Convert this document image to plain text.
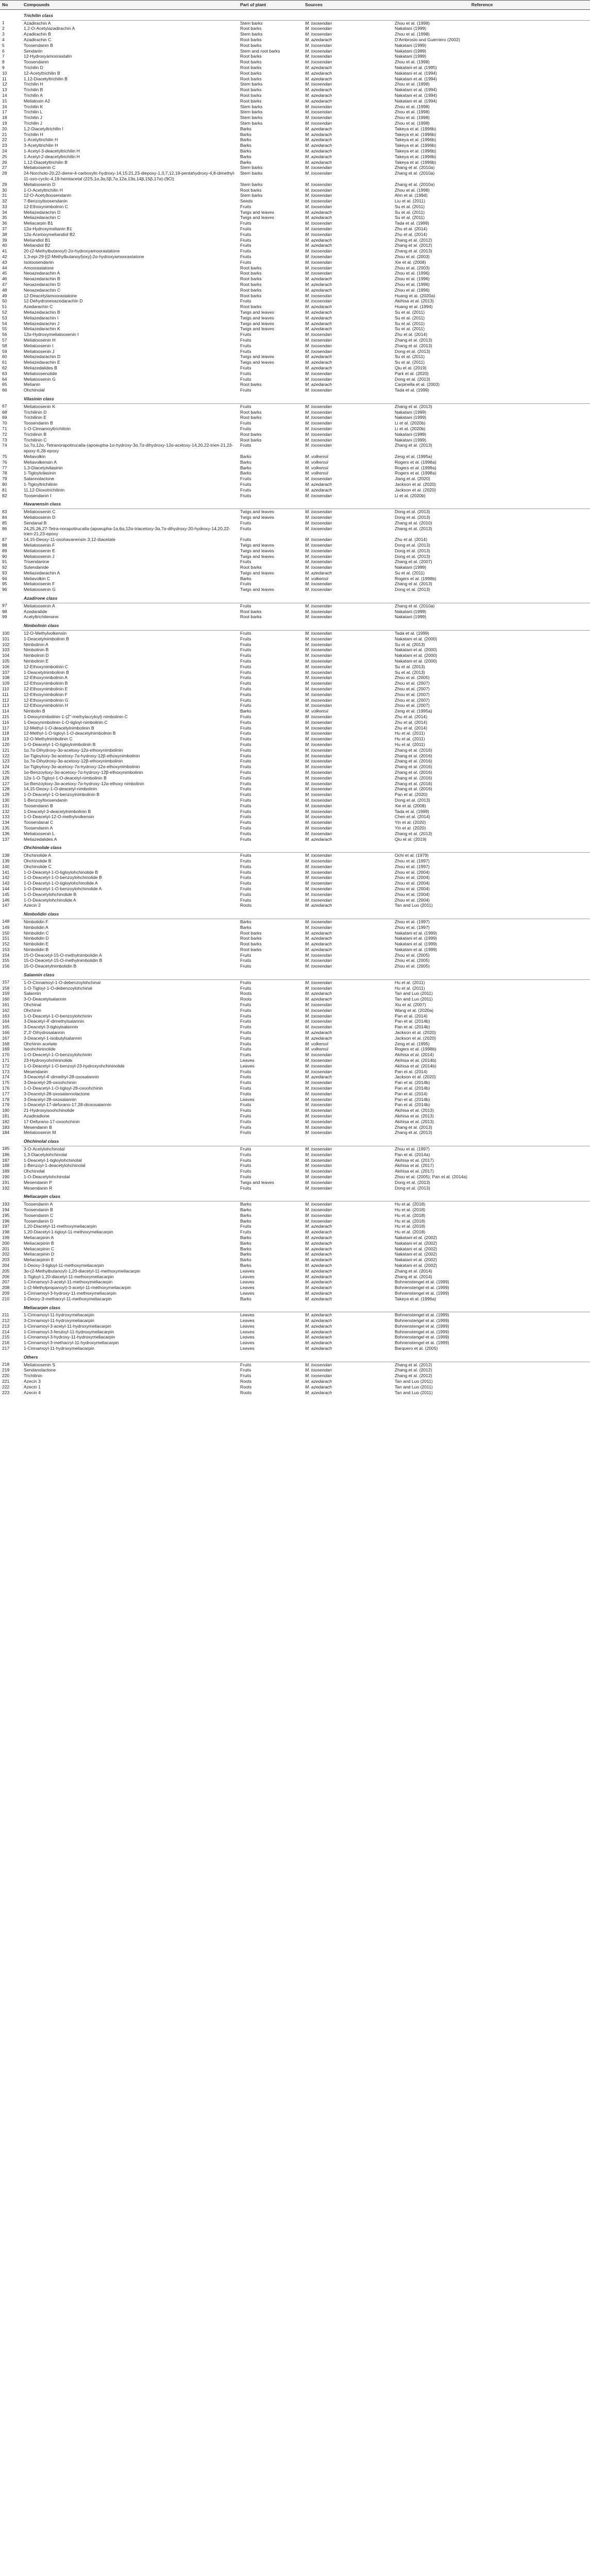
No	Compounds	Part of plant	Sources	Reference
	Trichilin class			
1	Azadirachin A	Stem barks	M. toosendan	Zhou et al. (1998)
2	1,2-O-Acetylazadirachin A	Root barks	M. toosendan	Nakatani (1999)
3	Azadirachin B	Stem barks	M. toosendan	Zhou et al. (1998)
4	Azadirachin C	Root barks	M. azedarach	D'Ambrosio and Guerriero (2002)
5	Toosendanin B	Root barks	M. toosendan	Nakatani (1999)
6	Sendanin	Stem and root barks	M. toosendan	Nakatani (1999)
7	12-Hydroxyamoorastatin	Root barks	M. toosendan	Nakatani (1999)
8	Toosendanin	Root barks	M. toosendan	Zhou et al. (1998)
9	Trichilin D	Root barks	M. azedarach	Nakatani et al. (1995)
10	12-Acetyltrichilin B	Root barks	M. azedarach	Nakatani et al. (1994)
11	1,12-Diacetyltrichilin B	Root barks	M. azedarach	Nakatani et al. (1994)
12	Trichilin H	Stem barks	M. toosendan	Zhou et al. (1998)
13	Trichilin B	Root barks	M. azedarach	Nakatani et al. (1994)
14	Trichilin A	Root barks	M. azedarach	Nakatani et al. (1994)
15	Meliatoxin A2	Root barks	M. azedarach	Nakatani et al. (1994)
16	Trichilin K	Stem barks	M. toosendan	Zhou et al. (1998)
17	Trichilin L	Stem barks	M. toosendan	Zhou et al. (1998)
18	Trichilin J	Stem barks	M. toosendan	Zhou et al. (1998)
19	Trichilin J	Stem barks	M. toosendan	Zhou et al. (1998)
20	1,2-Diacetyltrichilin I	Barks	M. azedarach	Takeya et al. (1996b)
21	Trichilin H	Barks	M. azedarach	Takeya et al. (1996b)
22	1-Acetyltrichilin H	Barks	M. azedarach	Takeya et al. (1996b)
23	3-Acetyltrichilin H	Barks	M. azedarach	Takeya et al. (1996b)
24	1-Acetyl-3-deacetyltrichilin H	Barks	M. azedarach	Takeya et al. (1996b)
25	1-Acetyl-2-deacetyltrichilin H	Barks	M. azedarach	Takeya et al. (1996b)
26	1,12-Diacetyltrichilin B	Barks	M. azedarach	Takeya et al. (1996b)
27	Meliatoosenin C	Stem barks	M. toosendan	Zhang et al. (2010a)
28	24-Norcholo-20,22-diene-4-carboxylic-hydroxy-14,15:21,23-diepoxy-1,3,7,12,19-pentahydroxy-4,8-dimethyl-11-oxo-cyclic-4,19-hemiacetal (22S,1α,3α,5β,7α,12α,13α,14β,15β,17α)-(9CI)	Stem barks	M. toosendan	Zhang et al. (2010a)
29	Meliatoosenin D	Stem barks	M. toosendan	Zhang et al. (2010a)
30	1-O-Acetyltrichilin H	Root barks	M. toosendan	Zhou et al. (1998)
31	12-O-Acetyltoosendanin	Stem barks	M. toosendan	Ahn et al. (1994)
32	7-Benzoyltoosendanin	Seeds	M. toosendan	Liu et al. (2011)
33	12-Ethoxynimbolinin C	Fruits	M. toosendan	Su et al. (2011)
34	Meliazedarachin D	Twigs and leaves	M. azedarach	Su et al. (2011)
35	Meliazedarachin C	Twigs and leaves	M. azedarach	Su et al. (2011)
36	Meliacarpin B1	Fruits	M. toosendan	Tada et al. (1999)
37	12α-Hydroxymelianin B1	Fruits	M. toosendan	Zhu et al. (2014)
38	12α-Acetoxymeliandiol B2	Fruits	M. toosendan	Zhu et al. (2014)
39	Meliandiol B1	Fruits	M. azedarach	Zhang et al. (2012)
40	Meliandiol B2	Fruits	M. azedarach	Zhang et al. (2012)
41	20-(2-Methylbutanoyl)-2α-hydroxyamoorastatone	Fruits	M. toosendan	Zhang et al. (2013)
42	1,3-epi-29-[(2-Methylbutanoyl)oxy]-2α-hydroxyamoorastatone	Fruits	M. toosendan	Zhou et al. (2003)
43	Isotoosendanin	Fruits	M. toosendan	Xie et al. (2008)
44	Amoorastatone	Root barks	M. toosendan	Zhou et al. (2003)
45	Neoazedarachin A	Root barks	M. toosendan	Zhou et al. (1996)
46	Neoazedarachin B	Root barks	M. azedarach	Zhou et al. (1996)
47	Neoazedarachin D	Root barks	M. azedarach	Zhou et al. (1996)
48	Neoazedarachin C	Root barks	M. azedarach	Zhou et al. (1996)
49	12-Deacetylamoorastatone	Root barks	M. toosendan	Huang et al. (2020a)
50	12-Dehydroneoazedarachin D	Fruits	M. toosendan	Akihisa et al. (2013)
51	Azedarachin C	Root barks	M. azedarach	Huang et al. (1994)
52	Meliazedarachin B	Twigs and leaves	M. azedarach	Su et al. (2011)
53	Meliazedarachin I	Twigs and leaves	M. azedarach	Su et al. (2011)
54	Meliazedarachin J	Twigs and leaves	M. azedarach	Su et al. (2011)
55	Meliazedarachin K	Twigs and leaves	M. azedarach	Su et al. (2011)
56	12α-Hydroxymeliatoosenin I	Fruits	M. toosendan	Zhu et al. (2014)
57	Meliatoosenin H	Fruits	M. toosendan	Zhang et al. (2013)
58	Meliatoosenin I	Fruits	M. toosendan	Zhang et al. (2013)
59	Meliatoosenin J	Fruits	M. toosendan	Dong et al. (2013)
60	Meliazedarachin D	Twigs and leaves	M. azedarach	Su et al. (2011)
61	Meliazedarachin E	Twigs and leaves	M. azedarach	Su et al. (2011)
62	Meliazedalides B	Fruits	M. azedarach	Qiu et al. (2019)
63	Meliatoosenolide	Fruits	M. toosendan	Park et al. (2020)
64	Meliatoosenin G	Fruits	M. toosendan	Dong et al. (2013)
65	Melianin	Root barks	M. azedarach	Carpinella et al. (2003)
66	Ohchinolal	Fruits	M. toosendan	Tada et al. (1999)
	Vilasinin class			
67	Meliatoosenin K	Fruits	M. toosendan	Zhang et al. (2013)
68	Trichilinin D	Root barks	M. toosendan	Nakatani (1999)
69	Trichilinin E	Root barks	M. toosendan	Nakatani (1999)
70	Toosendanin B	Fruits	M. toosendan	Li et al. (2020b)
71	1-O-Cinnamoyltrichilinin	Fruits	M. toosendan	Li et al. (2020b)
72	Trichilinin B	Root barks	M. toosendan	Nakatani (1999)
73	Trichilinin C	Root barks	M. toosendan	Nakatani (1999)
74	1α,7α,12α,-Tetranorapotirucalla-(apoeupha-1α-hydroxy-3α,7α-dihydroxy-12α-acetoxy-14,20,22-trien-21,23-epoxy-6,28-epoxy	Fruits	M. toosendan	Zhang et al. (2013)
75	Meliavolkin	Barks	M. volkensii	Zeng et al. (1995a)
76	Meliavolkensin A	Barks	M. volkensii	Rogers et al. (1998a)
77	1,3-Diacetylvilasinin	Barks	M. volkensii	Rogers et al. (1998a)
78	1-Tigloylvilasinin	Barks	M. volkensii	Rogers et al. (1998a)
79	Salannolactone	Fruits	M. toosendan	Jiang et al. (2020)
80	1-Tigloyltrichilinin	Fruits	M. azedarach	Jackson et al. (2020)
81	11,12-Dioxotrichilinin	Fruits	M. azedarach	Jackson et al. (2020)
82	Toosendanin I	Fruits	M. toosendan	Li et al. (2020b)
	Havanensin class			
83	Meliatoosenin C	Twigs and leaves	M. toosendan	Dong et al. (2013)
84	Meliatoosenin D	Twigs and leaves	M. toosendan	Dong et al. (2013)
85	Sendanal B	Fruits	M. toosendan	Zhang et al. (2010)
86	24,25,26,27-Tetra-norapotirucalla-(apoeupha-1α,6α,12α-triacetoxy-3α,7α-dihydroxy-20-hydroxy-14,20,22-trien-21,23-epoxy	Fruits	M. toosendan	Zhang et al. (2013)
87	14,15-Deoxy-11-oxohavanensin 3,12-diacetate	Fruits	M. toosendan	Zhu et al. (2014)
88	Meliatoosenin F	Twigs and leaves	M. toosendan	Dong et al. (2013)
89	Meliatoosenin E	Twigs and leaves	M. toosendan	Dong et al. (2013)
90	Meliatoosenin J	Twigs and leaves	M. toosendan	Dong et al. (2013)
91	Trisendanine	Fruits	M. toosendan	Zhang et al. (2007)
92	Sutendanide	Root barks	M. toosendan	Nakatani (1999)
93	Meliazedarachin A	Twigs and leaves	M. azedarach	Su et al. (2011)
94	Meliavolkin C	Barks	M. volkensii	Rogers et al. (1998b)
95	Meliatoosenin F	Fruits	M. toosendan	Zhang et al. (2013)
96	Meliatoosenin G	Twigs and leaves	M. toosendan	Dong et al. (2013)
	Azadirone class			
97	Meliatoosenin A	Fruits	M. toosendan	Zhang et al. (2010a)
98	Azedaralide	Root barks	M. toosendan	Nakatani (1999)
99	Acetyltrichilenone	Root barks	M. toosendan	Nakatani (1999)
	Nimbolinin class			
100	12-O-Methylvolkensin	Fruits	M. toosendan	Tada et al. (1999)
101	1-Deacetylnimbolinin B	Fruits	M. toosendan	Nakatani et al. (2000)
102	Nimbolinin A	Fruits	M. toosendan	Su et al. (2013)
103	Nimbolinin B	Fruits	M. toosendan	Nakatani et al. (2000)
104	Nimbolinin D	Fruits	M. toosendan	Nakatani et al. (2000)
105	Nimbolinin E	Fruits	M. toosendan	Nakatani et al. (2000)
106	12-Ethoxynimbolinin C	Fruits	M. toosendan	Su et al. (2013)
107	1-Deacetylnimbolinin B	Fruits	M. toosendan	Su et al. (2013)
108	12-Ethoxynimbolinin A	Fruits	M. toosendan	Zhou et al. (2005)
109	12-Ethoxynimbolinin B	Fruits	M. toosendan	Zhou et al. (2007)
110	12-Ethoxynimbolinin E	Fruits	M. toosendan	Zhou et al. (2007)
111	12-Ethoxynimbolinin F	Fruits	M. toosendan	Zhou et al. (2007)
112	12-Ethoxynimbolinin G	Fruits	M. toosendan	Zhou et al. (2007)
113	12-Ethoxynimbolinin H	Fruits	M. toosendan	Zhou et al. (2007)
114	Nimbolin B	Barks	M. volkensii	Zeng et al. (1995a)
115	1-Deoxynimbolinin-1-(2''-methylacryloyl) nimbolinin C	Fruits	M. toosendan	Zhu et al. (2014)
116	1-Deoxynimbolinin-1-O-tigloyl-nimbolinin C	Fruits	M. toosendan	Zhu et al. (2014)
117	12-Methyl-1-O-deacetylnimbolinin B	Fruits	M. toosendan	Zhu et al. (2014)
118	12-Methyl-1-O-tigloyl-1-O-deacetylnimbolinin B	Fruits	M. toosendan	Hu et al. (2011)
119	12-O-Methylnimbolinin C	Fruits	M. toosendan	Hu et al. (2011)
120	1-O-Deacetyl-1-O-tigloylnimbolinin B	Fruits	M. toosendan	Hu et al. (2011)
121	1α,7α-Dihydroxy-3α-acetoxy-12α-ethoxynimbolinin	Fruits	M. toosendan	Zhang et al. (2016)
122	1α-Tigloyloxy-3α-acetoxy-7α-hydroxy-12β-ethoxynimbolinin	Fruits	M. toosendan	Zhang et al. (2016)
123	1α,7α-Dihydroxy-3α-acetoxy-12β-ethoxynimbolinin	Fruits	M. toosendan	Zhang et al. (2016)
124	1α-Tigloyloxy-3α-acetoxy-7α-hydroxy-12α-ethoxynimbolinin	Fruits	M. toosendan	Zhang et al. (2016)
125	1α-Benzoyloxy-3α-acetoxy-7α-hydroxy-12β-ethoxynimbolinin	Fruits	M. toosendan	Zhang et al. (2016)
126	12α-1-O-Tigloyl-1-O-deacetyl-nimbolinin B	Fruits	M. toosendan	Zhang et al. (2016)
127	1α-Benzoyloxy-3α-acetoxy-7α-hydroxy-12α-ethoxy nimbolinin	Fruits	M. toosendan	Zhang et al. (2016)
128	14,15-Deoxy-1-O-deacetyl-nimbolinin	Fruits	M. toosendan	Zhang et al. (2016)
129	1-O-Deacetyl-1-O-benzoylnimbolinin B	Fruits	M. toosendan	Pan et al. (2020)
130	1-Benzoyltoosendanin	Fruits	M. toosendan	Dong et al. (2013)
131	Toosendanin B	Fruits	M. toosendan	Xie et al. (2008)
132	1-Deacetyl-3-deacetylnimbolinin B	Fruits	M. toosendan	Tada et al. (1999)
133	1-O-Deacetyl-12-O-methylvolkensin	Fruits	M. toosendan	Chen et al. (2014)
134	Toosendanal C	Fruits	M. toosendan	Yin et al. (2020)
135	Toosendanin A	Fruits	M. toosendan	Yin et al. (2020)
136	Meliatoosenin L	Fruits	M. toosendan	Zhang et al. (2013)
137	Meliazedalides A	Fruits	M. azedarach	Qiu et al. (2019)
	Ohchinolide class			
138	Ohchinolide A	Fruits	M. toosendan	Ochi et al. (1979)
139	Ohchinolide B	Fruits	M. toosendan	Zhou et al. (1997)
140	Ohchinolide C	Fruits	M. toosendan	Zhou et al. (1997)
141	1-O-Deacetyl-1-O-tigloylohchinolide B	Fruits	M. toosendan	Zhou et al. (2004)
142	1-O-Deacetyl-1-O-benzoylohchinolide B	Fruits	M. toosendan	Zhou et al. (2004)
143	1-O-Deacetyl-1-O-tigloylohchinolide A	Fruits	M. toosendan	Zhou et al. (2004)
144	1-O-Deacetyl-1-O-benzoylohchinolide A	Fruits	M. toosendan	Zhou et al. (2004)
145	1-O-Deacetylohchinolide B	Fruits	M. toosendan	Zhou et al. (2004)
146	1-O-Deacetylohchinolide A	Fruits	M. toosendan	Zhou et al. (2004)
147	Azecin 2	Roots	M. azedarach	Tan and Luo (2011)
	Nimbolidin class			
148	Nimbolidin F	Barks	M. toosendan	Zhou et al. (1997)
149	Nimbolidin A	Barks	M. toosendan	Zhou et al. (1997)
150	Nimbolidin C	Root barks	M. azedarach	Nakatani et al. (1999)
151	Nimbolidin D	Root barks	M. azedarach	Nakatani et al. (1999)
152	Nimbolidin E	Root barks	M. azedarach	Nakatani et al. (1999)
153	Nimbolidin B	Root barks	M. azedarach	Nakatani et al. (1999)
154	15-O-Deacetyl-15-O-methylnimbolidin A	Fruits	M. toosendan	Zhou et al. (2005)
155	15-O-Deacetyl-15-O-methylnimbolidin B	Fruits	M. toosendan	Zhou et al. (2005)
156	15-O-Deacetylnimbolidin B	Fruits	M. toosendan	Zhou et al. (2005)
	Salannin class			
157	1-O-Cinnamoyl-1-O-debenzoylohchinal	Fruits	M. toosendan	Hu et al. (2011)
158	1-O-Tigloyl-1-O-debenzoylohchinal	Fruits	M. toosendan	Hu et al. (2011)
159	Salannin	Roots	M. azedarach	Tan and Luo (2011)
160	3-O-Deacetylsalannin	Roots	M. azedarach	Tan and Luo (2011)
161	Ohchinal	Fruits	M. toosendan	Xiu et al. (2007)
162	Ohchinin	Fruits	M. toosendan	Wang et al. (2020a)
163	1-O-Deacetyl-1-O-benzoylohchinin	Fruits	M. toosendan	Pan et al. (2014)
164	3-Deacetyl-4'-dimethylsalannin	Fruits	M. toosendan	Pan et al. (2014b)
165	3-Deacetyl-3-tigloylsalannin	Fruits	M. toosendan	Pan et al. (2014b)
166	2',3'-Dihydrosalannin	Fruits	M. azedarach	Jackson et al. (2020)
167	3-Deacetyl-1-isobutylsalannin	Fruits	M. azedarach	Jackson et al. (2020)
168	Ohchinin acetate	Fruits	M. volkensii	Zeng et al. (1995)
169	Isoohchininolide	Fruits	M. volkensii	Rogers et al. (1998b)
170	1-O-Deacetyl-1-O-benzoylohchinin	Fruits	M. toosendan	Akihisa et al. (2014)
171	23-Hydroxyohchininolide	Leaves	M. toosendan	Akihisa et al. (2014b)
172	1-O-Deacetyl-1-O-benzoyl-23-hydroxyohchininolide	Leaves	M. toosendan	Akihisa et al. (2014b)
173	Mesendanin	Fruits	M. toosendan	Pan et al. (2014)
174	3-Deacetyl-4'-dimethyl-28-oxosalannin	Fruits	M. azedarach	Jackson et al. (2020)
175	3-Deacetyl-28-oxoohchinin	Fruits	M. toosendan	Pan et al. (2014b)
176	1-O-Deacetyl-1-O-tigloyl-28-oxoohchinin	Fruits	M. toosendan	Pan et al. (2014b)
177	3-Deacetyl-28-oxosalannolactone	Fruits	M. toosendan	Pan et al. (2014)
178	3-Deacetyl-28-oxosalannin	Leaves	M. toosendan	Pan et al. (2014b)
179	1-Deacetyl-17-defurano-17,28-dioxosalannin	Fruits	M. toosendan	Pan et al. (2014b)
180	21-Hydroxyisoohchinolide	Fruits	M. toosendan	Akihisa et al. (2013)
181	Azadiradione	Fruits	M. toosendan	Akihisa et al. (2013)
182	17-Defurano-17-oxoohchinin	Fruits	M. toosendan	Akihisa et al. (2013)
183	Mesendanin B	Fruits	M. toosendan	Zhang et al. (2013)
184	Meliatoosenin M	Fruits	M. toosendan	Zhang et al. (2013)
	Ohchinolal class			
185	3-O-Acetylohchinolal	Fruits	M. toosendan	Zhou et al. (1997)
186	1,3-Diacetylohchinolal	Fruits	M. toosendan	Pan et al. (2014a)
187	1-Deacetyl-1-tigloylohchinolal	Fruits	M. toosendan	Akihisa et al. (2017)
188	1-Benzoyl-1-deacetylohchinolal	Fruits	M. toosendan	Akihisa et al. (2017)
189	Ohchinolal	Fruits	M. toosendan	Akihisa et al. (2017)
190	1-O-Deacetylohchinolal	Fruits	M. toosendan	Zhou et al. (2005); Pan et al. (2014a)
191	Mesendanin P	Twigs and leaves	M. toosendan	Dong et al. (2013)
192	Mesendanin R	Fruits	M. toosendan	Dong et al. (2013)
	Meliacarpin class			
193	Toosendanin A	Barks	M. toosendan	Hu et al. (2018)
194	Toosendanin B	Barks	M. toosendan	Hu et al. (2018)
195	Toosendanin C	Barks	M. toosendan	Hu et al. (2018)
196	Toosendanin D	Barks	M. toosendan	Hu et al. (2018)
197	1,20-Diacetyl-11-methoxymeliacarpin	Fruits	M. azedarach	Hu et al. (2018)
198	1,20-Diacetyl-1-tigloyl-11-methoxymeliacarpin	Fruits	M. azedarach	Hu et al. (2018)
199	Meliacarpinin A	Barks	M. azedarach	Nakatani et al. (2002)
200	Meliacarpinin B	Barks	M. azedarach	Nakatani et al. (2002)
201	Meliacarpinin C	Barks	M. azedarach	Nakatani et al. (2002)
202	Meliacarpinin D	Barks	M. azedarach	Nakatani et al. (2002)
203	Meliacarpinin E	Barks	M. azedarach	Nakatani et al. (2002)
204	1-Deoxy-3-tigloyl-11-methoxymeliacarpin	Barks	M. azedarach	Nakatani et al. (2002)
205	3α-(2-Methylbutanoyl)-1,20-diacetyl-11-methoxymeliacarpin	Leaves	M. azedarach	Zhang et al. (2014)
206	1-Tigloyl-1,20-diacetyl-11-methoxymeliacarpin	Leaves	M. azedarach	Zhang et al. (2014)
207	1-Cinnamoyl-3-acetyl-11-methoxymeliacarpin	Leaves	M. azedarach	Bohnenstengel et al. (1999)
208	1-(2-Methylpropanoyl)-3-acetyl-11-methoxymeliacarpin	Leaves	M. azedarach	Bohnenstengel et al. (1999)
209	1-Cinnamoyl-3-hydroxy-11-methoxymeliacarpin	Leaves	M. azedarach	Bohnenstengel et al. (1999)
210	1-Deoxy-3-methacryl-11-methoxymeliacarpin	Barks	M. azedarach	Takeya et al. (1996a)
	Meliacarpin class			
211	1-Cinnamoyl-11-hydroxymeliacarpin	Leaves	M. azedarach	Bohnenstengel et al. (1999)
212	3-Cinnamoyl-11-hydroxymeliacarpin	Leaves	M. azedarach	Bohnenstengel et al. (1999)
213	1-Cinnamoyl-3-acetyl-11-hydroxymeliacarpin	Leaves	M. azedarach	Bohnenstengel et al. (1999)
214	1-Cinnamoyl-3-feruloyl-11-hydroxymeliacarpin	Leaves	M. azedarach	Bohnenstengel et al. (1999)
215	1-Cinnamoyl-3-hydroxy-11-hydroxymeliacarpin	Leaves	M. azedarach	Bohnenstengel et al. (1999)
216	1-Cinnamoyl-3-methacryl-11-hydroxymeliacarpin	Leaves	M. azedarach	Bohnenstengel et al. (1999)
217	1-Cinnamoyl-11-hydroxymeliacarpin	Leaves	M. azedarach	Barquero et al. (2005)
	Others			
218	Meliatoosenin S	Fruits	M. toosendan	Zhang et al. (2012)
219	Sendanolactone	Fruits	M. toosendan	Zhang et al. (2012)
220	Trichilinin	Fruits	M. toosendan	Zhang et al. (2012)
221	Azecin 3	Roots	M. azedarach	Tan and Luo (2011)
222	Azecin 1	Roots	M. azedarach	Tan and Luo (2011)
223	Azecin 4	Roots	M. azedarach	Tan and Luo (2011)
